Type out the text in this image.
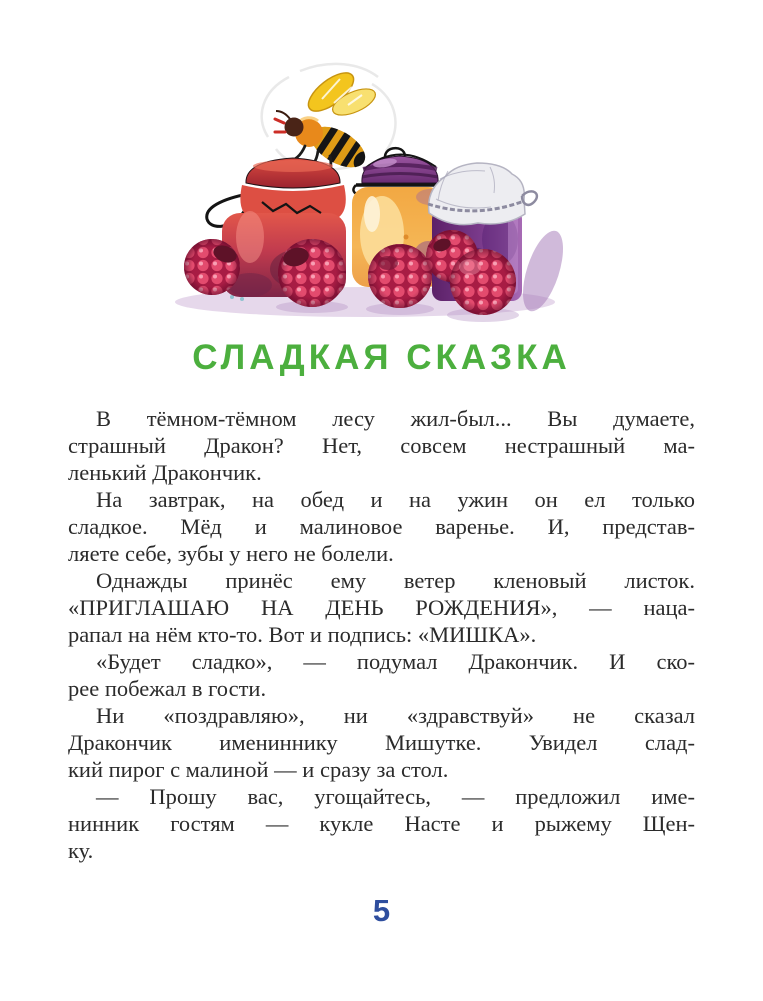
СЛАДКАЯ СКАЗКА
В тёмном-тёмном лесу жил-был... Вы думаете,
страшный Дракон? Нет, совсем нестрашный ма-
ленький Дракончик.
На завтрак, на обед и на ужин он ел только
сладкое. Мёд и малиновое варенье. И, представ-
ляете себе, зубы у него не болели.
Однажды принёс ему ветер кленовый листок.
«ПРИГЛАШАЮ НА ДЕНЬ РОЖДЕНИЯ», — наца-
рапал на нём кто-то. Вот и подпись: «МИШКА».
«Будет сладко», — подумал Дракончик. И ско-
рее побежал в гости.
Ни «поздравляю», ни «здравствуй» не сказал
Дракончик имениннику Мишутке. Увидел слад-
кий пирог с малиной — и сразу за стол.
— Прошу вас, угощайтесь, — предложил име-
нинник гостям — кукле Насте и рыжему Щен-
ку.
5
